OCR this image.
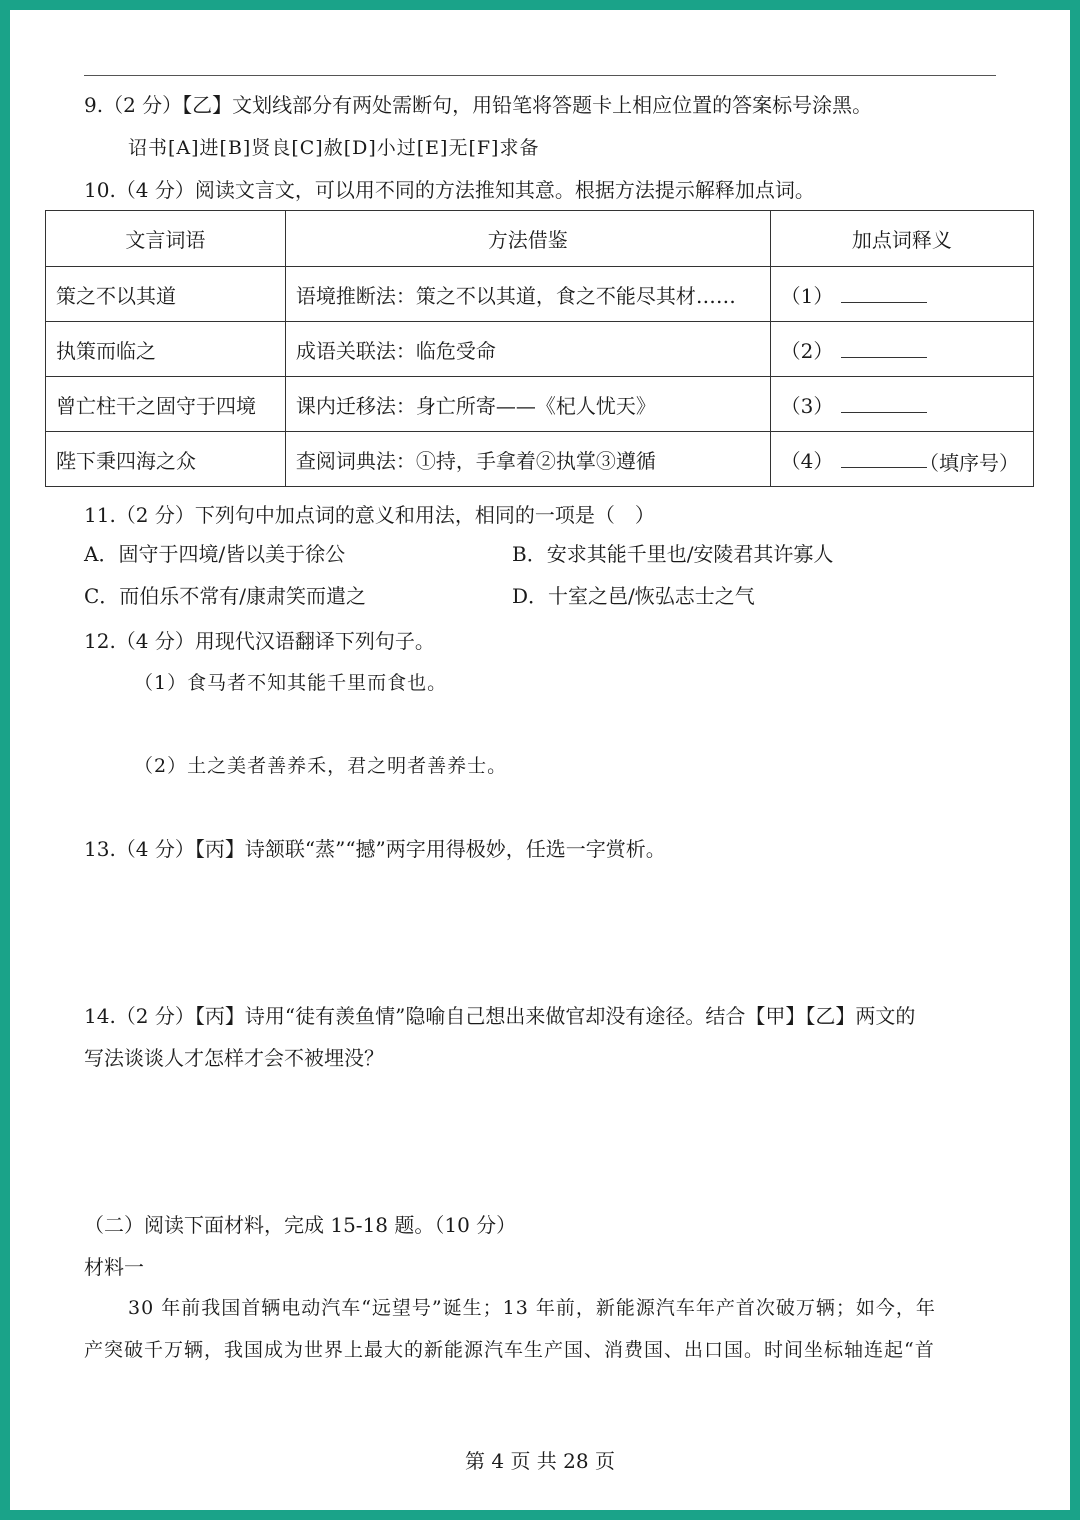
9.（2 分）【乙】文划线部分有两处需断句，用铅笔将答题卡上相应位置的答案标号涂黑。
诏书[A]进[B]贤良[C]赦[D]小过[E]无[F]求备
10.（4 分）阅读文言文，可以用不同的方法推知其意。根据方法提示解释加点词。
文言词语	方法借鉴	加点词释义
策之不以其道	语境推断法：策之不以其道，食之不能尽其材……	（1）
执策而临之	成语关联法：临危受命	（2）
曾亡柱干之固守于四境	课内迁移法：身亡所寄——《杞人忧天》	（3）
陛下秉四海之众	查阅词典法：①持，手拿着②执掌③遵循	（4） （填序号）
11.（2 分）下列句中加点词的意义和用法，相同的一项是（　）
A．固守于四境/皆以美于徐公	B．安求其能千里也/安陵君其许寡人
C．而伯乐不常有/康肃笑而遣之	D．十室之邑/恢弘志士之气
12.（4 分）用现代汉语翻译下列句子。
（1）食马者不知其能千里而食也。
（2）土之美者善养禾，君之明者善养士。
13.（4 分）【丙】诗颔联“蒸”“撼”两字用得极妙，任选一字赏析。
14.（2 分）【丙】诗用“徒有羡鱼情”隐喻自己想出来做官却没有途径。结合【甲】【乙】两文的
写法谈谈人才怎样才会不被埋没？
（二）阅读下面材料，完成 15-18 题。（10 分）
材料一
30 年前我国首辆电动汽车“远望号”诞生；13 年前，新能源汽车年产首次破万辆；如今，年
产突破千万辆，我国成为世界上最大的新能源汽车生产国、消费国、出口国。时间坐标轴连起“首
第 4 页 共 28 页
